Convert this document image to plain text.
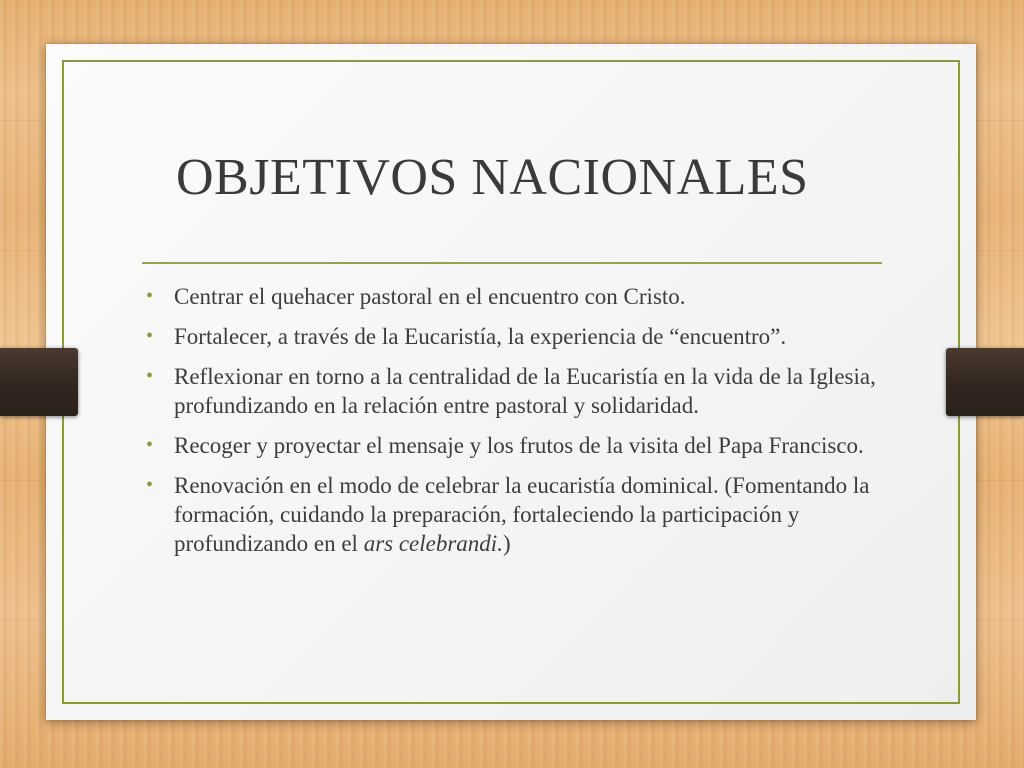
OBJETIVOS NACIONALES
• Centrar el quehacer pastoral en el encuentro con Cristo.
• Fortalecer, a través de la Eucaristía, la experiencia de “encuentro”.
• Reflexionar en torno a la centralidad de la Eucaristía en la vida de la Iglesia, profundizando en la relación entre pastoral y solidaridad.
• Recoger y proyectar el mensaje y los frutos de la visita del Papa Francisco.
• Renovación en el modo de celebrar la eucaristía dominical. (Fomentando la formación, cuidando la preparación, fortaleciendo la participación y profundizando en el ars celebrandi.)
